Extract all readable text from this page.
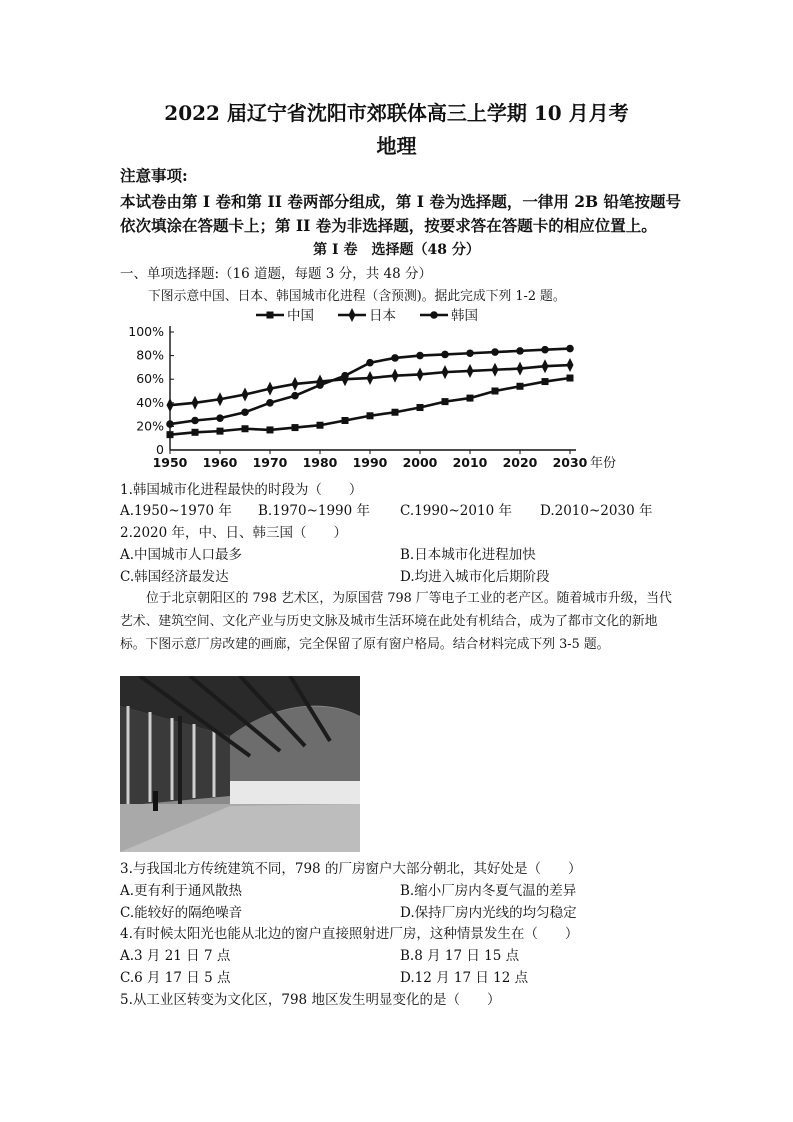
2022 届辽宁省沈阳市郊联体高三上学期 10 月月考
地理
注意事项:
本试卷由第 I 卷和第 II 卷两部分组成，第 I 卷为选择题，一律用 2B 铅笔按题号
依次填涂在答题卡上；第 II 卷为非选择题，按要求答在答题卡的相应位置上。
第 I 卷　选择题（48 分）
一、单项选择题:（16 道题，每题 3 分，共 48 分）
下图示意中国、日本、韩国城市化进程（含预测)。据此完成下列 1-2 题。
中国	日本	韩国
0
20%
40%
60%
80%
100%
1950 1960 1970 1980 1990 2000 2010 2020 2030 年份
1.韩国城市化进程最快的时段为（　　）
A.1950~1970 年 B.1970~1990 年 C.1990~2010 年 D.2010~2030 年
2.2020 年，中、日、韩三国（　　）
A.中国城市人口最多	B.日本城市化进程加快
C.韩国经济最发达	D.均进入城市化后期阶段
位于北京朝阳区的 798 艺术区，为原国营 798 厂等电子工业的老产区。随着城市升级，当代艺术、建筑空间、文化产业与历史文脉及城市生活环境在此处有机结合，成为了都市文化的新地标。下图示意厂房改建的画廊，完全保留了原有窗户格局。结合材料完成下列 3-5 题。
3.与我国北方传统建筑不同，798 的厂房窗户大部分朝北，其好处是（　　）
A.更有利于通风散热	B.缩小厂房内冬夏气温的差异
C.能较好的隔绝噪音	D.保持厂房内光线的均匀稳定
4.有时候太阳光也能从北边的窗户直接照射进厂房，这种情景发生在（　　）
A.3 月 21 日 7 点	B.8 月 17 日 15 点
C.6 月 17 日 5 点	D.12 月 17 日 12 点
5.从工业区转变为文化区，798 地区发生明显变化的是（　　）
